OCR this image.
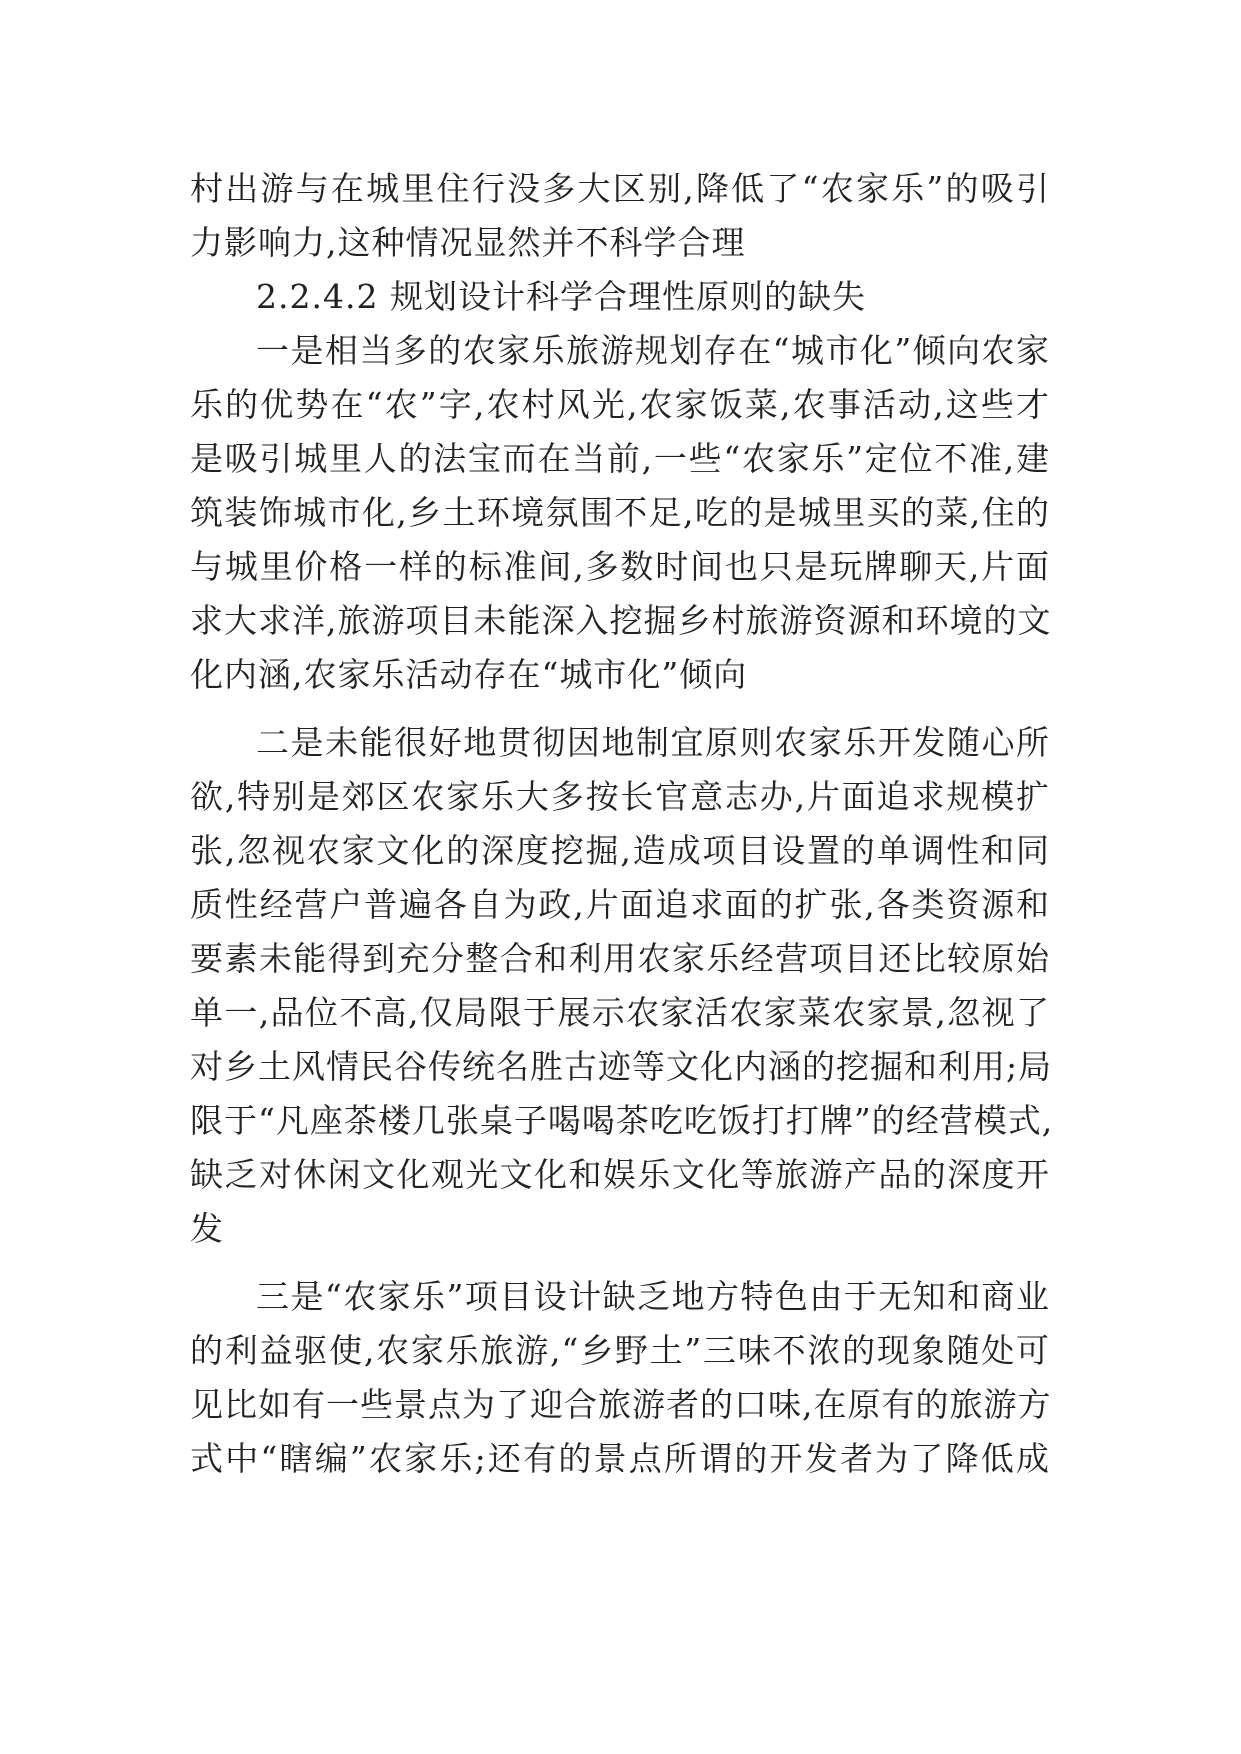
村出游与在城里住行没多大区别,降低了“农家乐”的吸引
力影响力,这种情况显然并不科学合理
2.2.4.2 规划设计科学合理性原则的缺失
一是相当多的农家乐旅游规划存在“城市化”倾向农家
乐的优势在“农”字,农村风光,农家饭菜,农事活动,这些才
是吸引城里人的法宝而在当前,一些“农家乐”定位不准,建
筑装饰城市化,乡土环境氛围不足,吃的是城里买的菜,住的
与城里价格一样的标准间,多数时间也只是玩牌聊天,片面
求大求洋,旅游项目未能深入挖掘乡村旅游资源和环境的文
化内涵,农家乐活动存在“城市化”倾向
二是未能很好地贯彻因地制宜原则农家乐开发随心所
欲,特别是郊区农家乐大多按长官意志办,片面追求规模扩
张,忽视农家文化的深度挖掘,造成项目设置的单调性和同
质性经营户普遍各自为政,片面追求面的扩张,各类资源和
要素未能得到充分整合和利用农家乐经营项目还比较原始
单一,品位不高,仅局限于展示农家活农家菜农家景,忽视了
对乡土风情民谷传统名胜古迹等文化内涵的挖掘和利用;局
限于“凡座茶楼几张桌子喝喝茶吃吃饭打打牌”的经营模式,
缺乏对休闲文化观光文化和娱乐文化等旅游产品的深度开
发
三是“农家乐”项目设计缺乏地方特色由于无知和商业
的利益驱使,农家乐旅游,“乡野土”三味不浓的现象随处可
见比如有一些景点为了迎合旅游者的口味,在原有的旅游方
式中“瞎编”农家乐;还有的景点所谓的开发者为了降低成
